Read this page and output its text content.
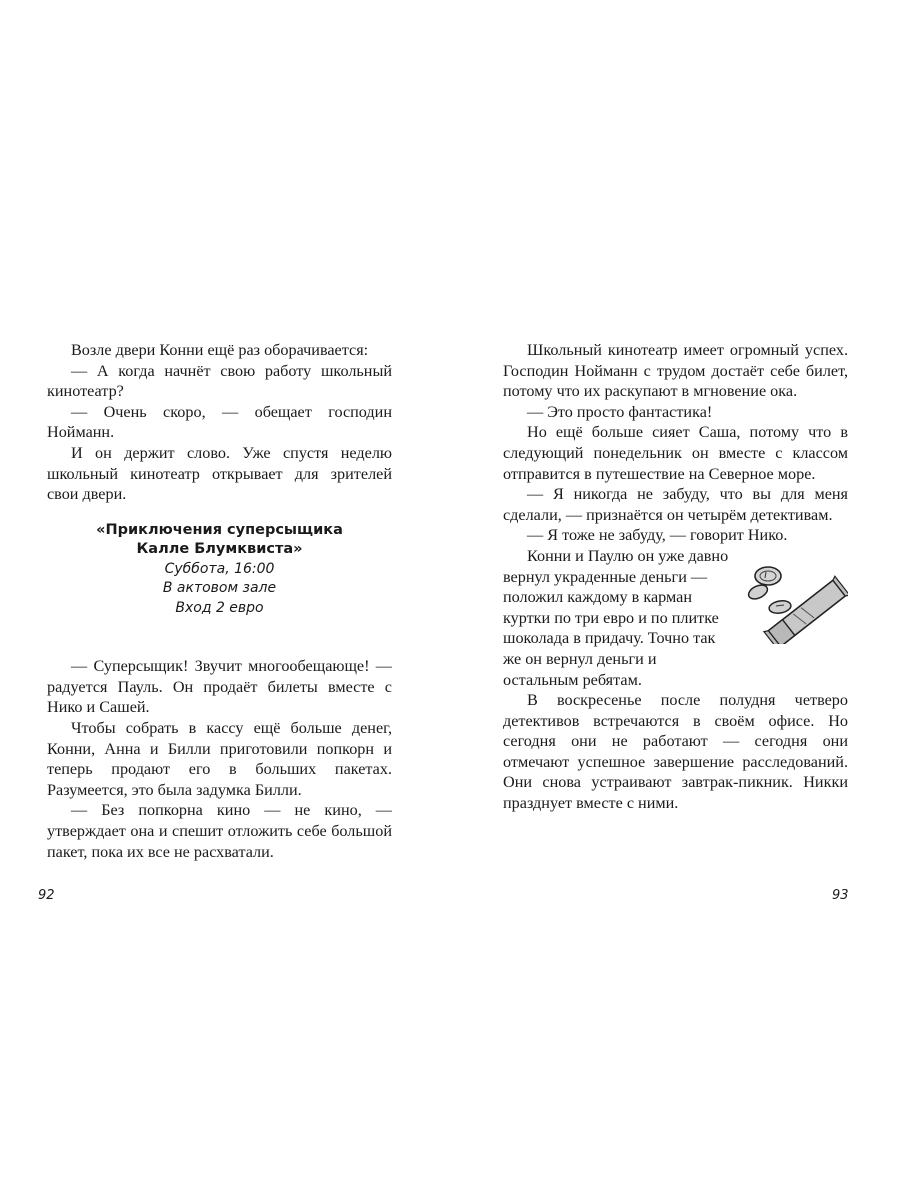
Возле двери Конни ещё раз оборачивается:

— А когда начнёт свою работу школьный кинотеатр?

— Очень скоро, — обещает господин Нойманн.

И он держит слово. Уже спустя неделю школьный кинотеатр открывает для зрителей свои двери.

«Приключения суперсыщика
Калле Блумквиста»
Суббота, 16:00
В актовом зале
Вход 2 евро

— Суперсыщик! Звучит многообещающе! — радуется Пауль. Он продаёт билеты вместе с Нико и Сашей.

Чтобы собрать в кассу ещё больше денег, Конни, Анна и Билли приготовили попкорн и теперь продают его в больших пакетах. Разумеется, это была задумка Билли.

— Без попкорна кино — не кино, — утверждает она и спешит отложить себе большой пакет, пока их все не расхватали.

Школьный кинотеатр имеет огромный успех. Господин Нойманн с трудом достаёт себе билет, потому что их раскупают в мгновение ока.

— Это просто фантастика!

Но ещё больше сияет Саша, потому что в следующий понедельник он вместе с классом отправится в путешествие на Северное море.

— Я никогда не забуду, что вы для меня сделали, — признаётся он четырём детективам.

— Я тоже не забуду, — говорит Нико.

Конни и Паулю он уже давно вернул украденные деньги — положил каждому в карман куртки по три евро и по плитке шоколада в придачу. Точно так же он вернул деньги и остальным ребятам.

В воскресенье после полудня четверо детективов встречаются в своём офисе. Но сегодня они не работают — сегодня они отмечают успешное завершение расследований. Они снова устраивают завтрак-пикник. Никки празднует вместе с ними.

92	93
